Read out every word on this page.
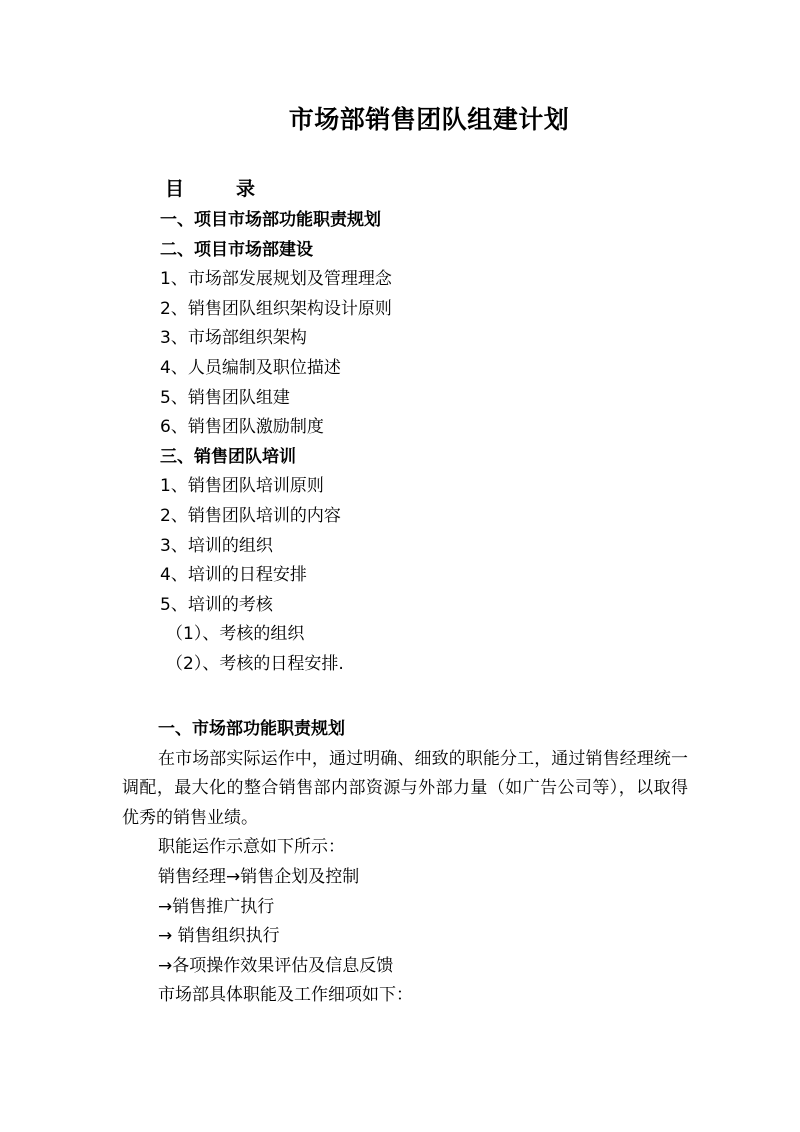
市场部销售团队组建计划
目	录
一、项目市场部功能职责规划
二、项目市场部建设
1、市场部发展规划及管理理念
2、销售团队组织架构设计原则
3、市场部组织架构
4、人员编制及职位描述
5、销售团队组建
6、销售团队激励制度
三、销售团队培训
1、销售团队培训原则
2、销售团队培训的内容
3、培训的组织
4、培训的日程安排
5、培训的考核
（1）、考核的组织
（2）、考核的日程安排.
一、市场部功能职责规划
在市场部实际运作中，通过明确、细致的职能分工，通过销售经理统一调配，最大化的整合销售部内部资源与外部力量（如广告公司等），以取得优秀的销售业绩。
职能运作示意如下所示：
销售经理→销售企划及控制
→销售推广执行
→ 销售组织执行
→各项操作效果评估及信息反馈
市场部具体职能及工作细项如下：
